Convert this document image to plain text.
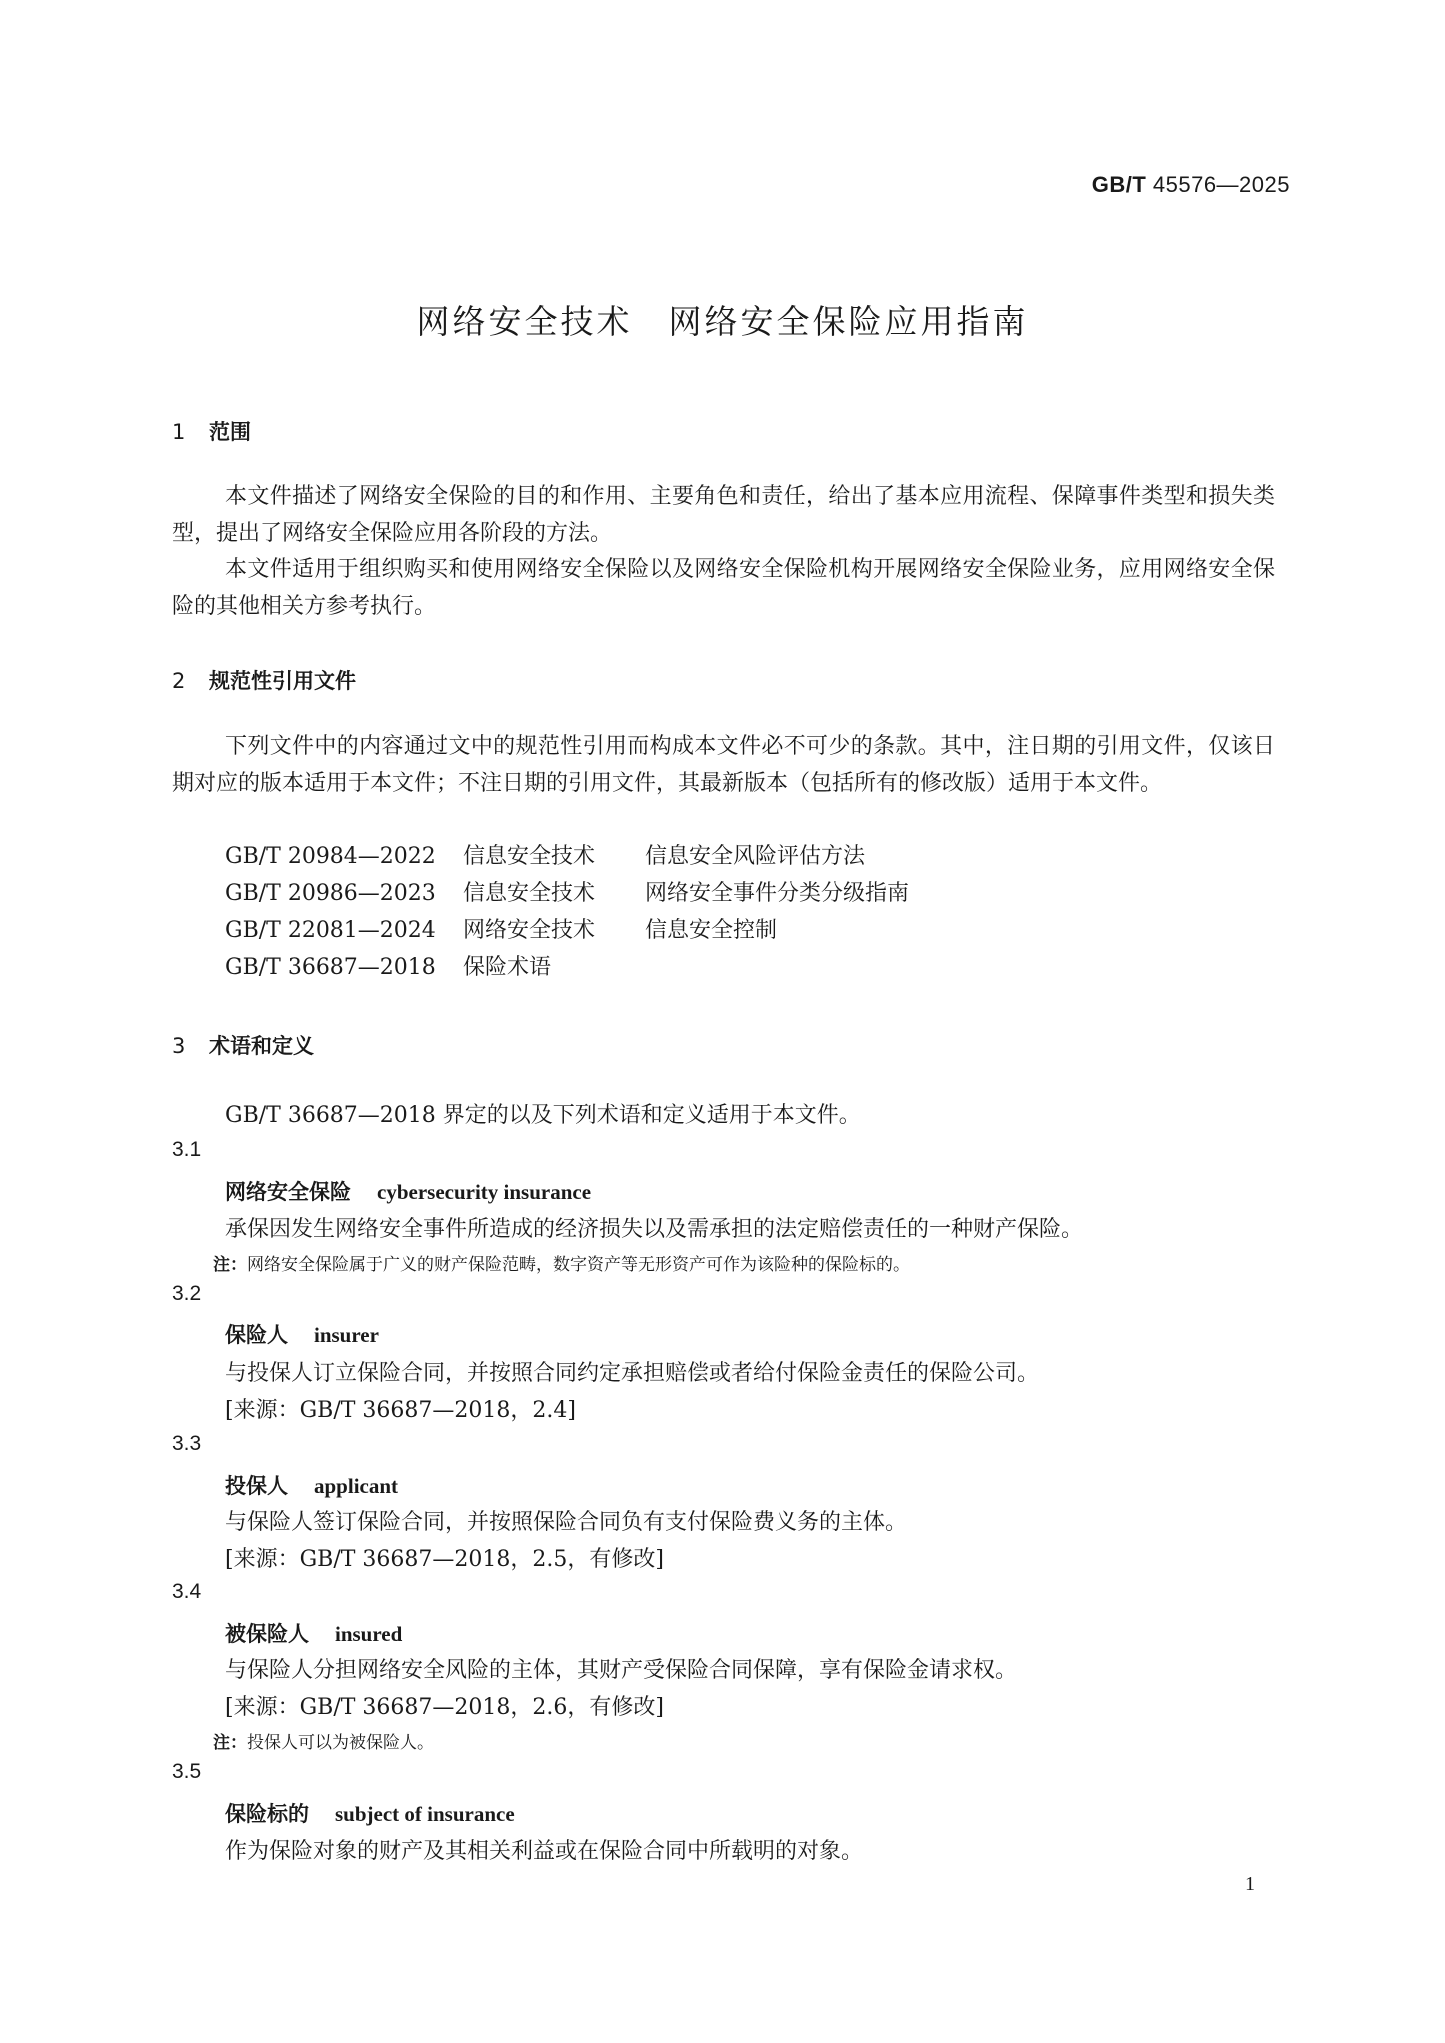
GB/T 45576—2025
网络安全技术　网络安全保险应用指南
1 范围
本文件描述了网络安全保险的目的和作用、主要角色和责任，给出了基本应用流程、保障事件类型和损失类型，提出了网络安全保险应用各阶段的方法。
本文件适用于组织购买和使用网络安全保险以及网络安全保险机构开展网络安全保险业务，应用网络安全保险的其他相关方参考执行。
2 规范性引用文件
下列文件中的内容通过文中的规范性引用而构成本文件必不可少的条款。其中，注日期的引用文件，仅该日期对应的版本适用于本文件；不注日期的引用文件，其最新版本（包括所有的修改版）适用于本文件。
GB/T 20984—2022 信息安全技术 信息安全风险评估方法
GB/T 20986—2023 信息安全技术 网络安全事件分类分级指南
GB/T 22081—2024 网络安全技术 信息安全控制
GB/T 36687—2018 保险术语
3 术语和定义
GB/T 36687—2018 界定的以及下列术语和定义适用于本文件。
3.1
网络安全保险 cybersecurity insurance
承保因发生网络安全事件所造成的经济损失以及需承担的法定赔偿责任的一种财产保险。
注：网络安全保险属于广义的财产保险范畴，数字资产等无形资产可作为该险种的保险标的。
3.2
保险人 insurer
与投保人订立保险合同，并按照合同约定承担赔偿或者给付保险金责任的保险公司。
[来源：GB/T 36687—2018，2.4]
3.3
投保人 applicant
与保险人签订保险合同，并按照保险合同负有支付保险费义务的主体。
[来源：GB/T 36687—2018，2.5，有修改]
3.4
被保险人 insured
与保险人分担网络安全风险的主体，其财产受保险合同保障，享有保险金请求权。
[来源：GB/T 36687—2018，2.6，有修改]
注：投保人可以为被保险人。
3.5
保险标的 subject of insurance
作为保险对象的财产及其相关利益或在保险合同中所载明的对象。
1
